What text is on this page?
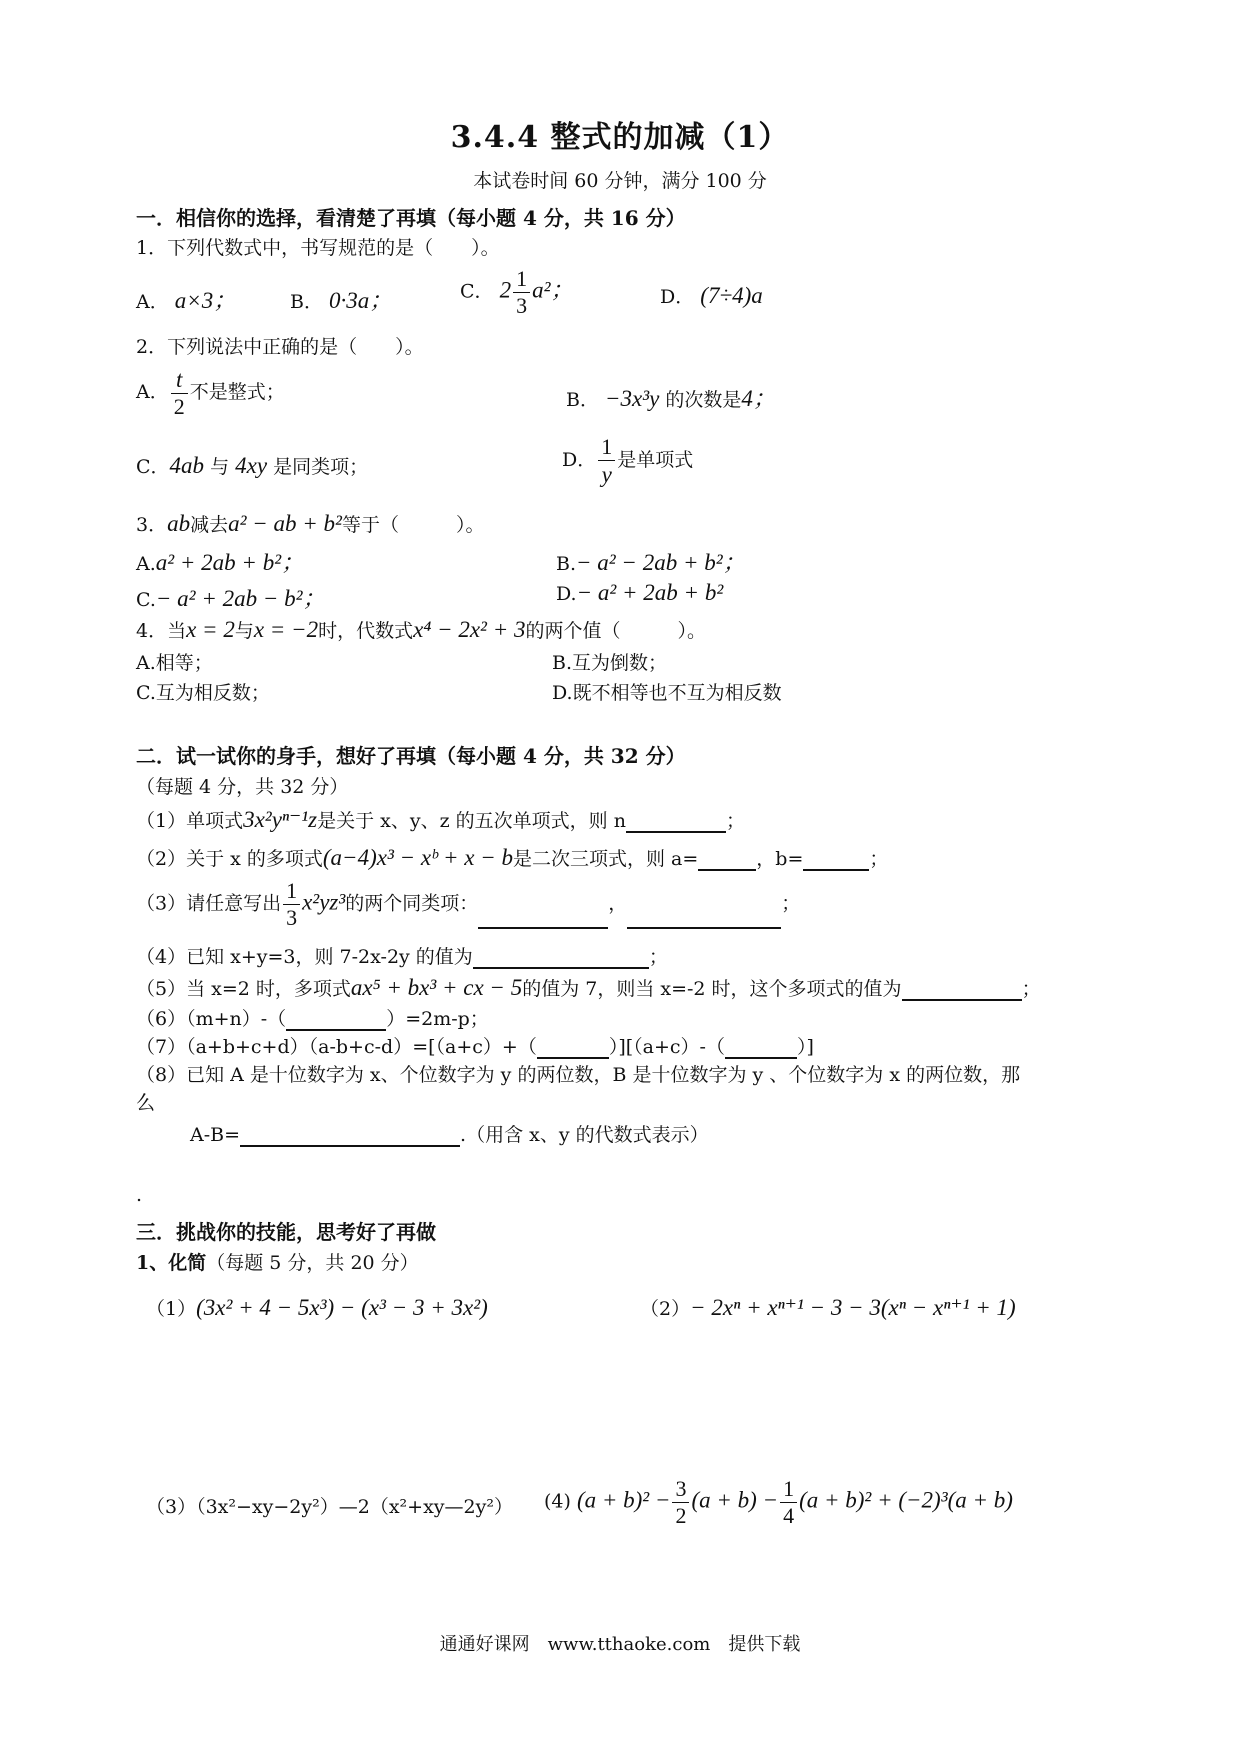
3.4.4 整式的加减（1）
本试卷时间 60 分钟，满分 100 分
一．相信你的选择，看清楚了再填（每小题 4 分，共 16 分）
1．下列代数式中，书写规范的是（　　）。
A． a×3；	B． 0·3a；	C． $2 \frac{1}{3} a^2$；	D． (7÷4)a
2．下列说法中正确的是（　　）。
A． $\frac{t}{2}$ 不是整式；	B． −3x³y 的次数是4；
C．4ab 与 4xy 是同类项；	D． $\frac{1}{y}$ 是单项式
3．ab减去a² − ab + b²等于（　　　）。
A.a² + 2ab + b²；	B.− a² − 2ab + b²；
C.− a² + 2ab − b²；	D.− a² + 2ab + b²
4．当x = 2与x = −2时，代数式x⁴ − 2x² + 3的两个值（　　　）。
A.相等；	B.互为倒数；
C.互为相反数；	D.既不相等也不互为相反数
二．试一试你的身手，想好了再填（每小题 4 分，共 32 分）
（每题 4 分，共 32 分）
（1）单项式3x²yⁿ⁻¹z是关于 x、y、z 的五次单项式，则 n	；
（2）关于 x 的多项式(a−4)x³ − xᵇ + x − b是二次三项式，则 a=	，b=	；
（3）请任意写出 $\frac{1}{3} x^2yz^3$的两个同类项：	，	；
（4）已知 x+y=3，则 7-2x-2y 的值为	；
（5）当 x=2 时，多项式ax⁵ + bx³ + cx − 5的值为 7，则当 x=-2 时，这个多项式的值为	；
（6）（m+n）-（	）=2m-p；
（7）（a+b+c+d）（a-b+c-d）=[（a+c）+（	）][（a+c）-（	）]
（8）已知 A 是十位数字为 x、个位数字为 y 的两位数，B 是十位数字为 y 、个位数字为 x 的两位数，那
么
A-B=	.（用含 x、y 的代数式表示）
.
三．挑战你的技能，思考好了再做
1、化简（每题 5 分，共 20 分）
（1）(3x² + 4 − 5x³) − (x³ − 3 + 3x²)	（2）− 2xⁿ + xⁿ⁺¹ − 3 − 3(xⁿ − xⁿ⁺¹ + 1)
（3）（3x²−xy−2y²）—2（x²+xy—2y²） (4) $(a + b)^2 - \frac{3}{2} (a + b) - \frac{1}{4} (a + b)^2 + (-2)^3(a + b)$
通通好课网　www.tthaoke.com　提供下载
